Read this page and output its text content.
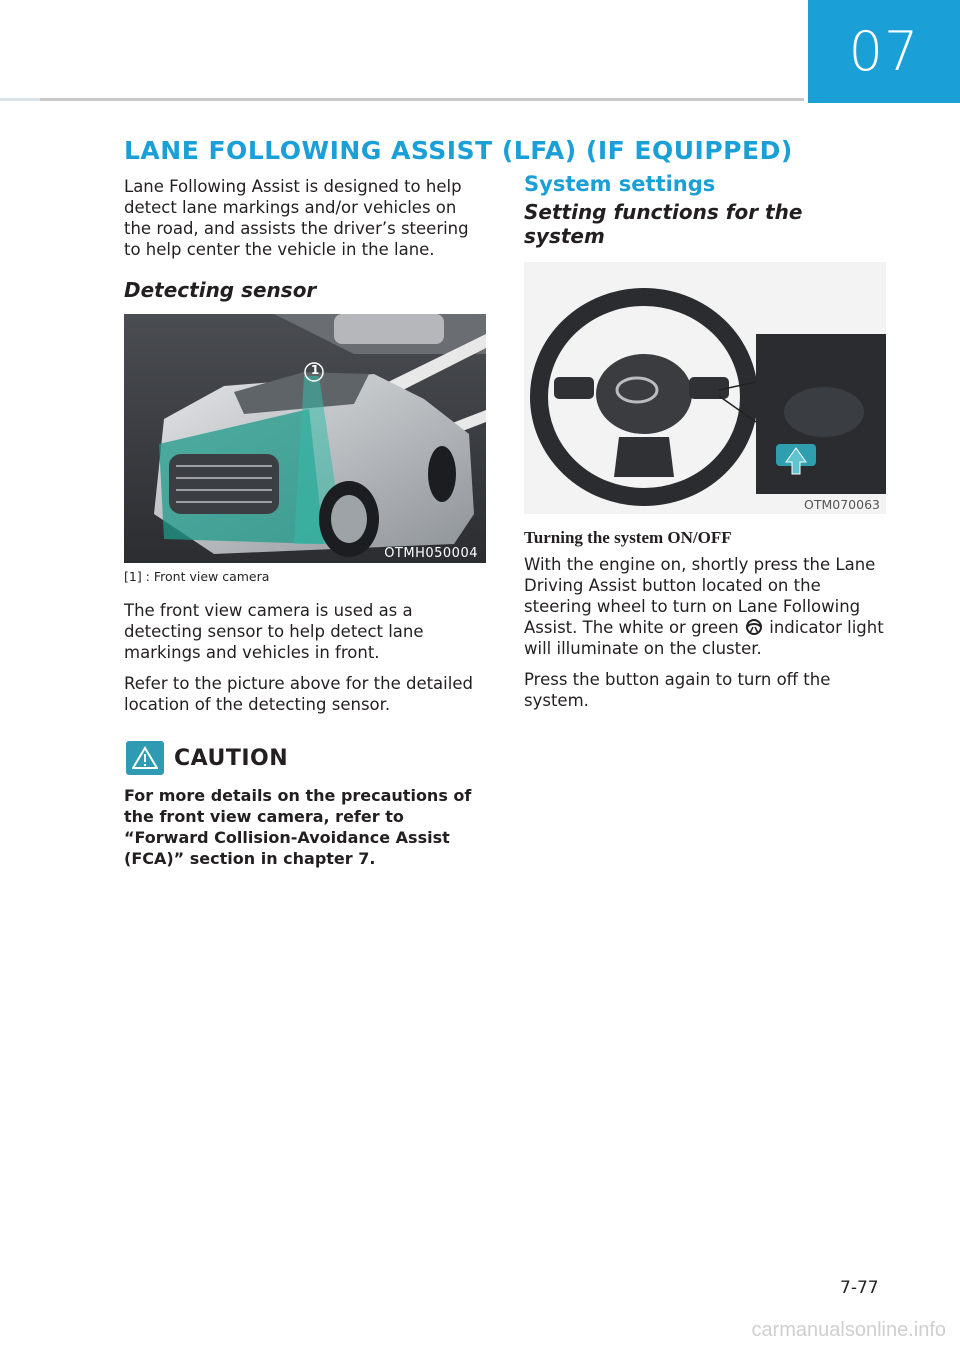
07
LANE FOLLOWING ASSIST (LFA) (IF EQUIPPED)

Lane Following Assist is designed to help detect lane markings and/or vehicles on the road, and assists the driver’s steering to help center the vehicle in the lane.

Detecting sensor
1
OTMH050004
[1] : Front view camera

The front view camera is used as a detecting sensor to help detect lane markings and vehicles in front.

Refer to the picture above for the detailed location of the detecting sensor.

CAUTION
For more details on the precautions of the front view camera, refer to “Forward Collision-Avoidance Assist (FCA)” section in chapter 7.
System settings
Setting functions for the system
OTM070063
Turning the system ON/OFF

With the engine on, shortly press the Lane Driving Assist button located on the steering wheel to turn on Lane Following Assist. The white or green indicator light will illuminate on the cluster.

Press the button again to turn off the system.

7-77
carmanualsonline.info
